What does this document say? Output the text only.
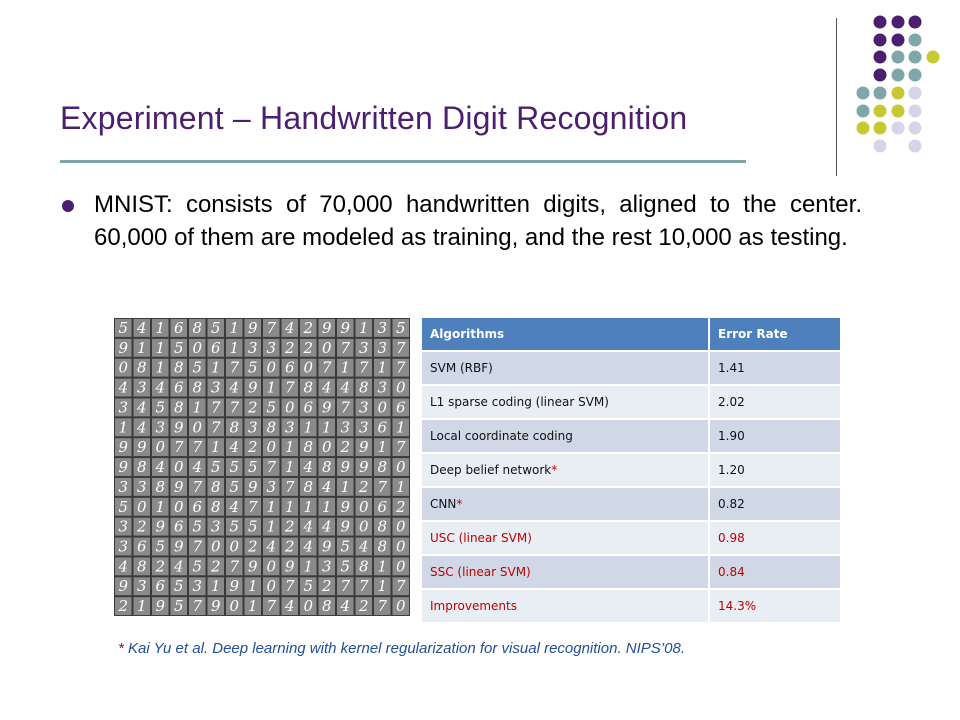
Experiment – Handwritten Digit Recognition
MNIST: consists of 70,000 handwritten digits, aligned to the center. 60,000 of them are modeled as training, and the rest 10,000 as testing.
5 4 1 6 8 5 1 9 7 4 2 9 9 1 3 5
9 1 1 5 0 6 1 3 3 2 2 0 7 3 3 7
0 8 1 8 5 1 7 5 0 6 0 7 1 7 1 7
4 3 4 6 8 3 4 9 1 7 8 4 4 8 3 0
3 4 5 8 1 7 7 2 5 0 6 9 7 3 0 6
1 4 3 9 0 7 8 3 8 3 1 1 3 3 6 1
9 9 0 7 7 1 4 2 0 1 8 0 2 9 1 7
9 8 4 0 4 5 5 5 7 1 4 8 9 9 8 0
3 3 8 9 7 8 5 9 3 7 8 4 1 2 7 1
5 0 1 0 6 8 4 7 1 1 1 1 9 0 6 2
3 2 9 6 5 3 5 5 1 2 4 4 9 0 8 0
3 6 5 9 7 0 0 2 4 2 4 9 5 4 8 0
4 8 2 4 5 2 7 9 0 9 1 3 5 8 1 0
9 3 6 5 3 1 9 1 0 7 5 2 7 7 1 7
2 1 9 5 7 9 0 1 7 4 0 8 4 2 7 0
Algorithms	Error Rate
SVM (RBF)	1.41
L1 sparse coding (linear SVM)	2.02
Local coordinate coding	1.90
Deep belief network*	1.20
CNN*	0.82
USC (linear SVM)	0.98
SSC (linear SVM)	0.84
Improvements	14.3%
* Kai Yu et al. Deep learning with kernel regularization for visual recognition. NIPS’08.
